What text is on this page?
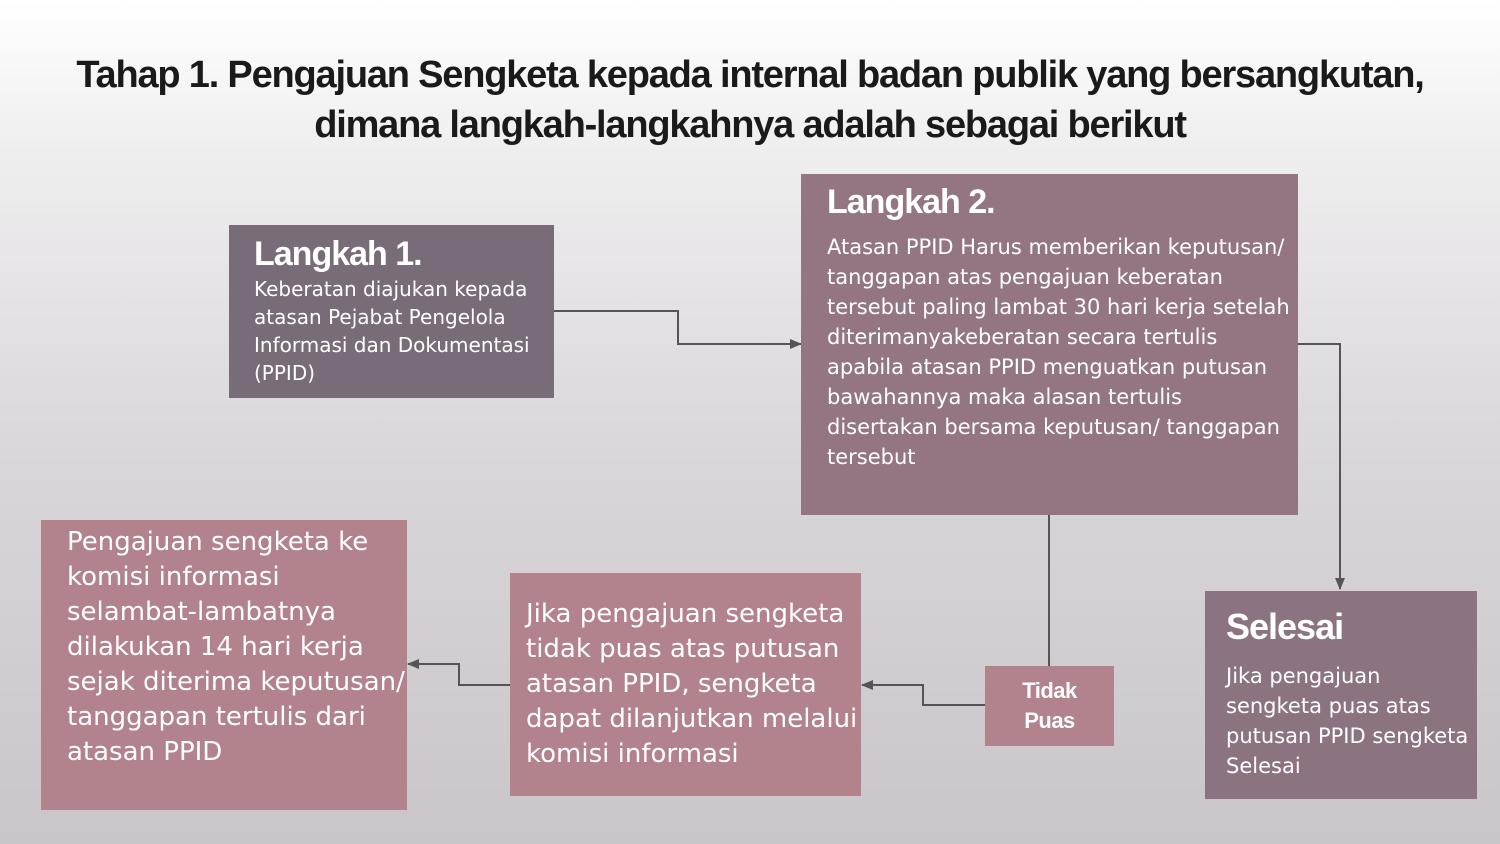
Tahap 1. Pengajuan Sengketa kepada internal badan publik yang bersangkutan,
dimana langkah-langkahnya adalah sebagai berikut
Langkah 1.

Keberatan diajukan kepada atasan Pejabat Pengelola Informasi dan Dokumentasi (PPID)

Langkah 2.

Atasan PPID Harus memberikan keputusan/ tanggapan atas pengajuan keberatan tersebut paling lambat 30 hari kerja setelah diterimanyakeberatan secara tertulis apabila atasan PPID menguatkan putusan bawahannya maka alasan tertulis disertakan bersama keputusan/ tanggapan tersebut

Selesai

Jika pengajuan sengketa puas atas putusan PPID sengketa Selesai

Tidak Puas

Jika pengajuan sengketa tidak puas atas putusan atasan PPID, sengketa dapat dilanjutkan melalui komisi informasi

Pengajuan sengketa ke komisi informasi selambat-lambatnya dilakukan 14 hari kerja sejak diterima keputusan/ tanggapan tertulis dari atasan PPID
